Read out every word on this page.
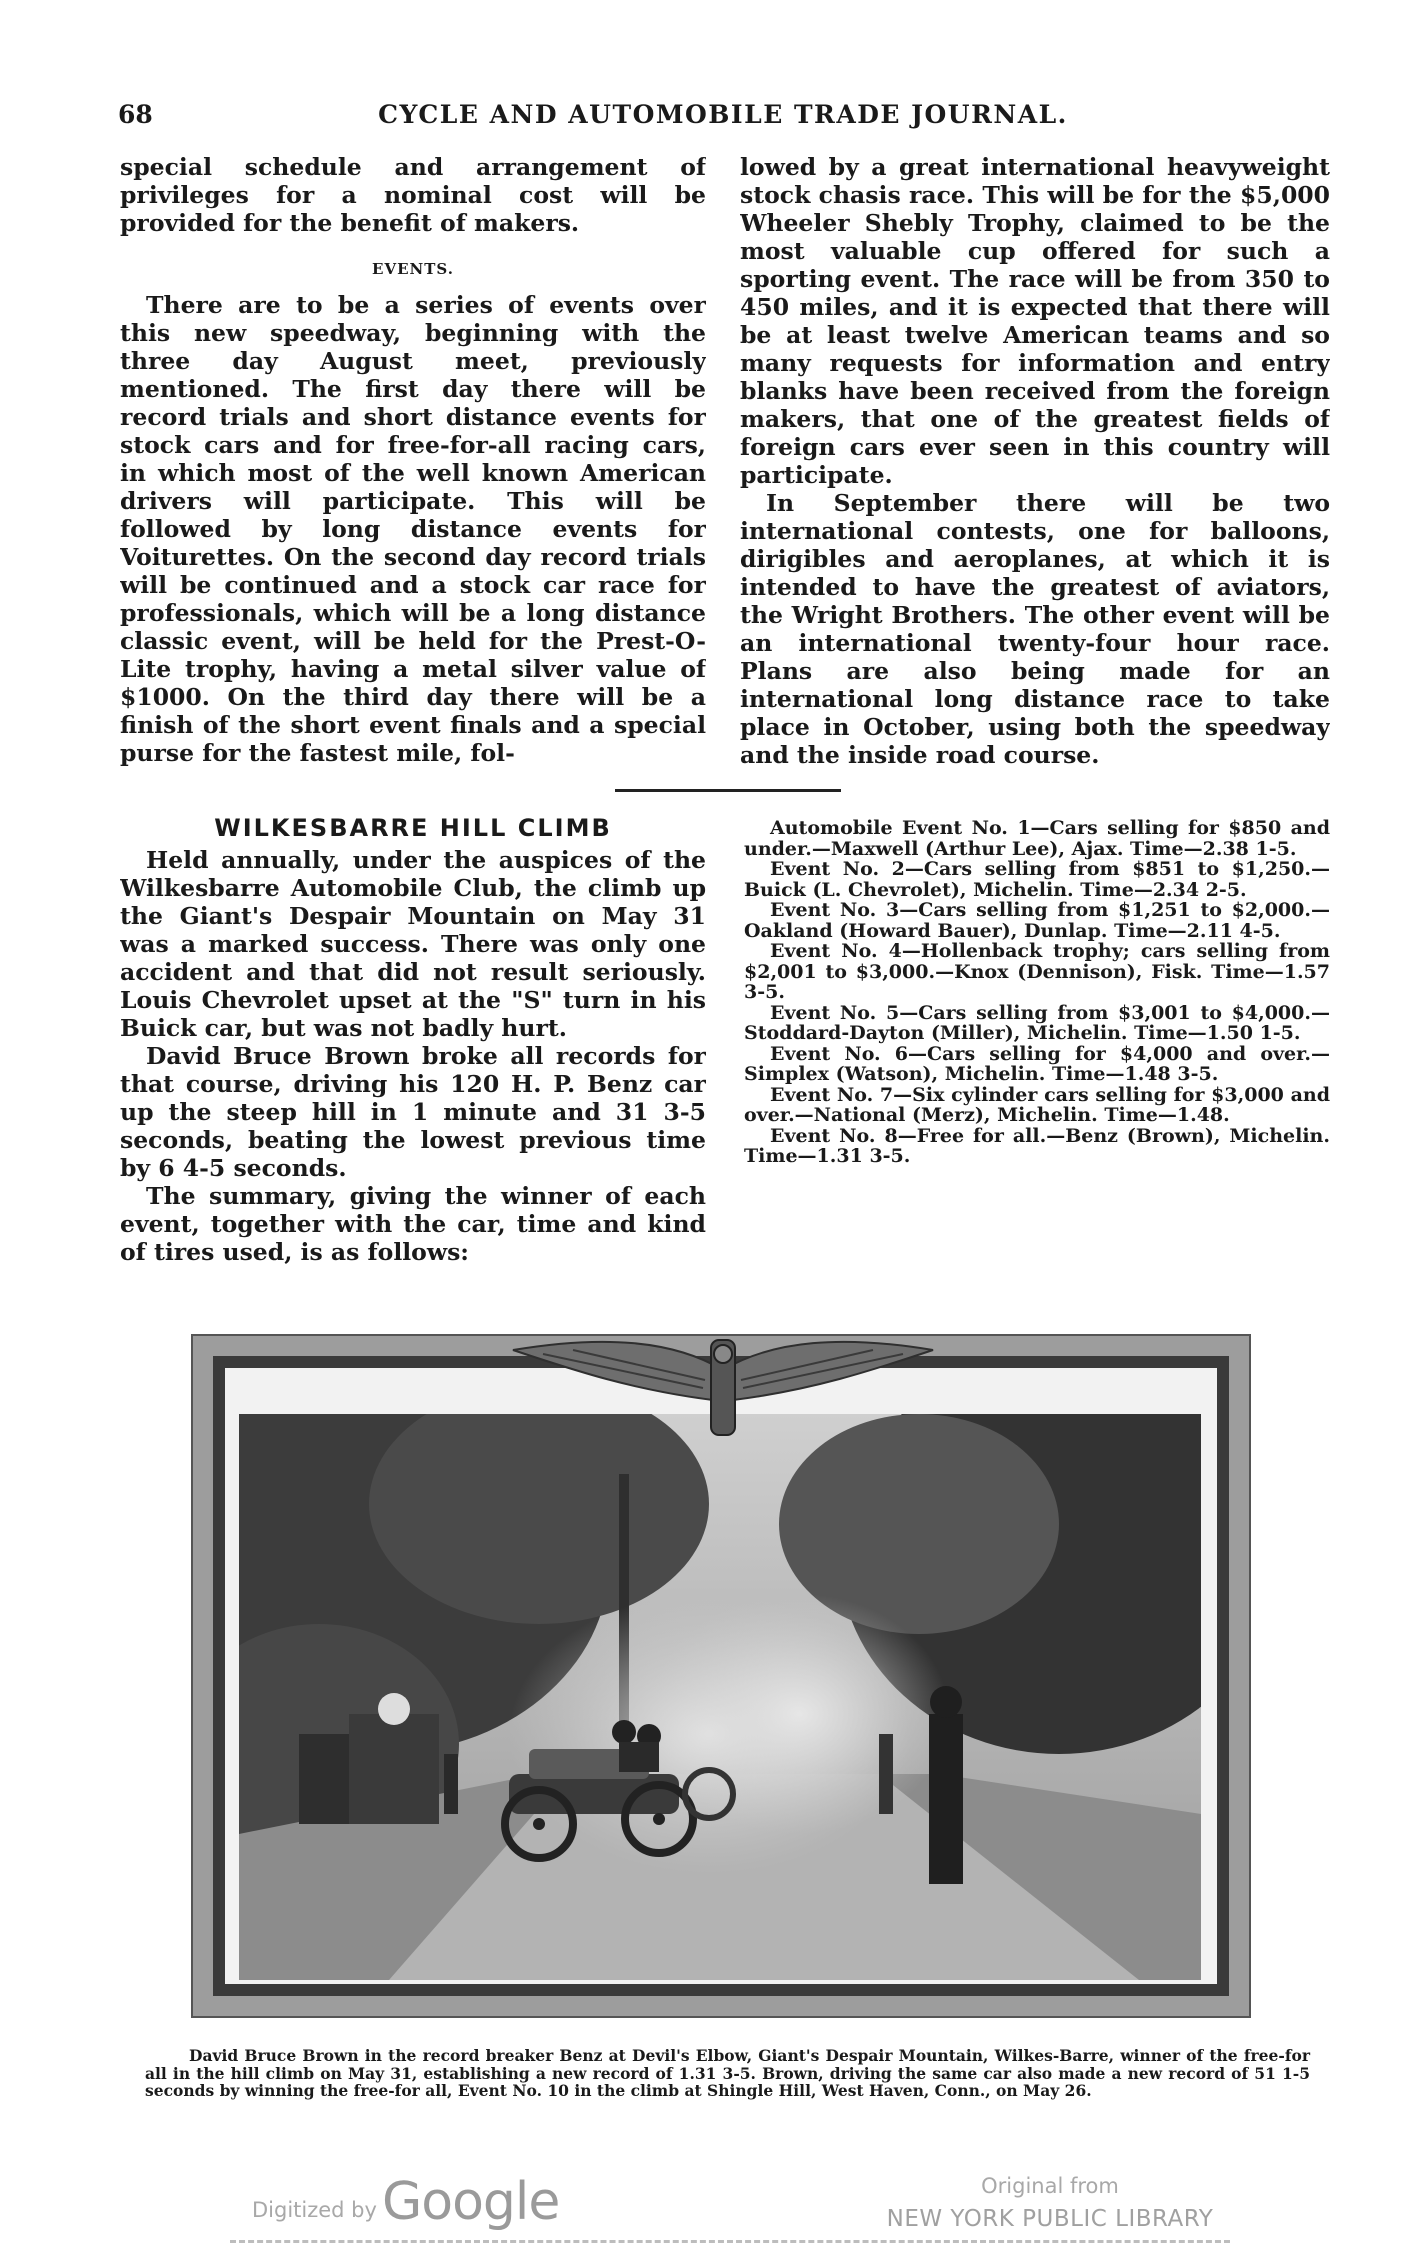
68	CYCLE AND AUTOMOBILE TRADE JOURNAL.

special schedule and arrangement of privileges for a nominal cost will be provided for the benefit of makers.

EVENTS.

There are to be a series of events over this new speedway, beginning with the three day August meet, previously mentioned. The first day there will be record trials and short distance events for stock cars and for free-for-all racing cars, in which most of the well known American drivers will participate. This will be followed by long distance events for Voiturettes. On the second day record trials will be continued and a stock car race for professionals, which will be a long distance classic event, will be held for the Prest-O-Lite trophy, having a metal silver value of $1000. On the third day there will be a finish of the short event finals and a special purse for the fastest mile, fol-

lowed by a great international heavyweight stock chasis race. This will be for the $5,000 Wheeler Shebly Trophy, claimed to be the most valuable cup offered for such a sporting event. The race will be from 350 to 450 miles, and it is expected that there will be at least twelve American teams and so many requests for information and entry blanks have been received from the foreign makers, that one of the greatest fields of foreign cars ever seen in this country will participate.

In September there will be two international contests, one for balloons, dirigibles and aeroplanes, at which it is intended to have the greatest of aviators, the Wright Brothers. The other event will be an international twenty-four hour race. Plans are also being made for an international long distance race to take place in October, using both the speedway and the inside road course.

WILKESBARRE HILL CLIMB

Held annually, under the auspices of the Wilkesbarre Automobile Club, the climb up the Giant's Despair Mountain on May 31 was a marked success. There was only one accident and that did not result seriously. Louis Chevrolet upset at the "S" turn in his Buick car, but was not badly hurt.

David Bruce Brown broke all records for that course, driving his 120 H. P. Benz car up the steep hill in 1 minute and 31 3-5 seconds, beating the lowest previous time by 6 4-5 seconds.

The summary, giving the winner of each event, together with the car, time and kind of tires used, is as follows:

Automobile Event No. 1—Cars selling for $850 and under.—Maxwell (Arthur Lee), Ajax. Time—2.38 1-5.

Event No. 2—Cars selling from $851 to $1,250.—Buick (L. Chevrolet), Michelin. Time—2.34 2-5.

Event No. 3—Cars selling from $1,251 to $2,000.—Oakland (Howard Bauer), Dunlap. Time—2.11 4-5.

Event No. 4—Hollenback trophy; cars selling from $2,001 to $3,000.—Knox (Dennison), Fisk. Time—1.57 3-5.

Event No. 5—Cars selling from $3,001 to $4,000.—Stoddard-Dayton (Miller), Michelin. Time—1.50 1-5.

Event No. 6—Cars selling for $4,000 and over.—Simplex (Watson), Michelin. Time—1.48 3-5.

Event No. 7—Six cylinder cars selling for $3,000 and over.—National (Merz), Michelin. Time—1.48.

Event No. 8—Free for all.—Benz (Brown), Michelin. Time—1.31 3-5.

David Bruce Brown in the record breaker Benz at Devil's Elbow, Giant's Despair Mountain, Wilkes-Barre, winner of the free-for all in the hill climb on May 31, establishing a new record of 1.31 3-5. Brown, driving the same car also made a new record of 51 1-5 seconds by winning the free-for all, Event No. 10 in the climb at Shingle Hill, West Haven, Conn., on May 26.
Digitized by Google	Original from
NEW YORK PUBLIC LIBRARY
